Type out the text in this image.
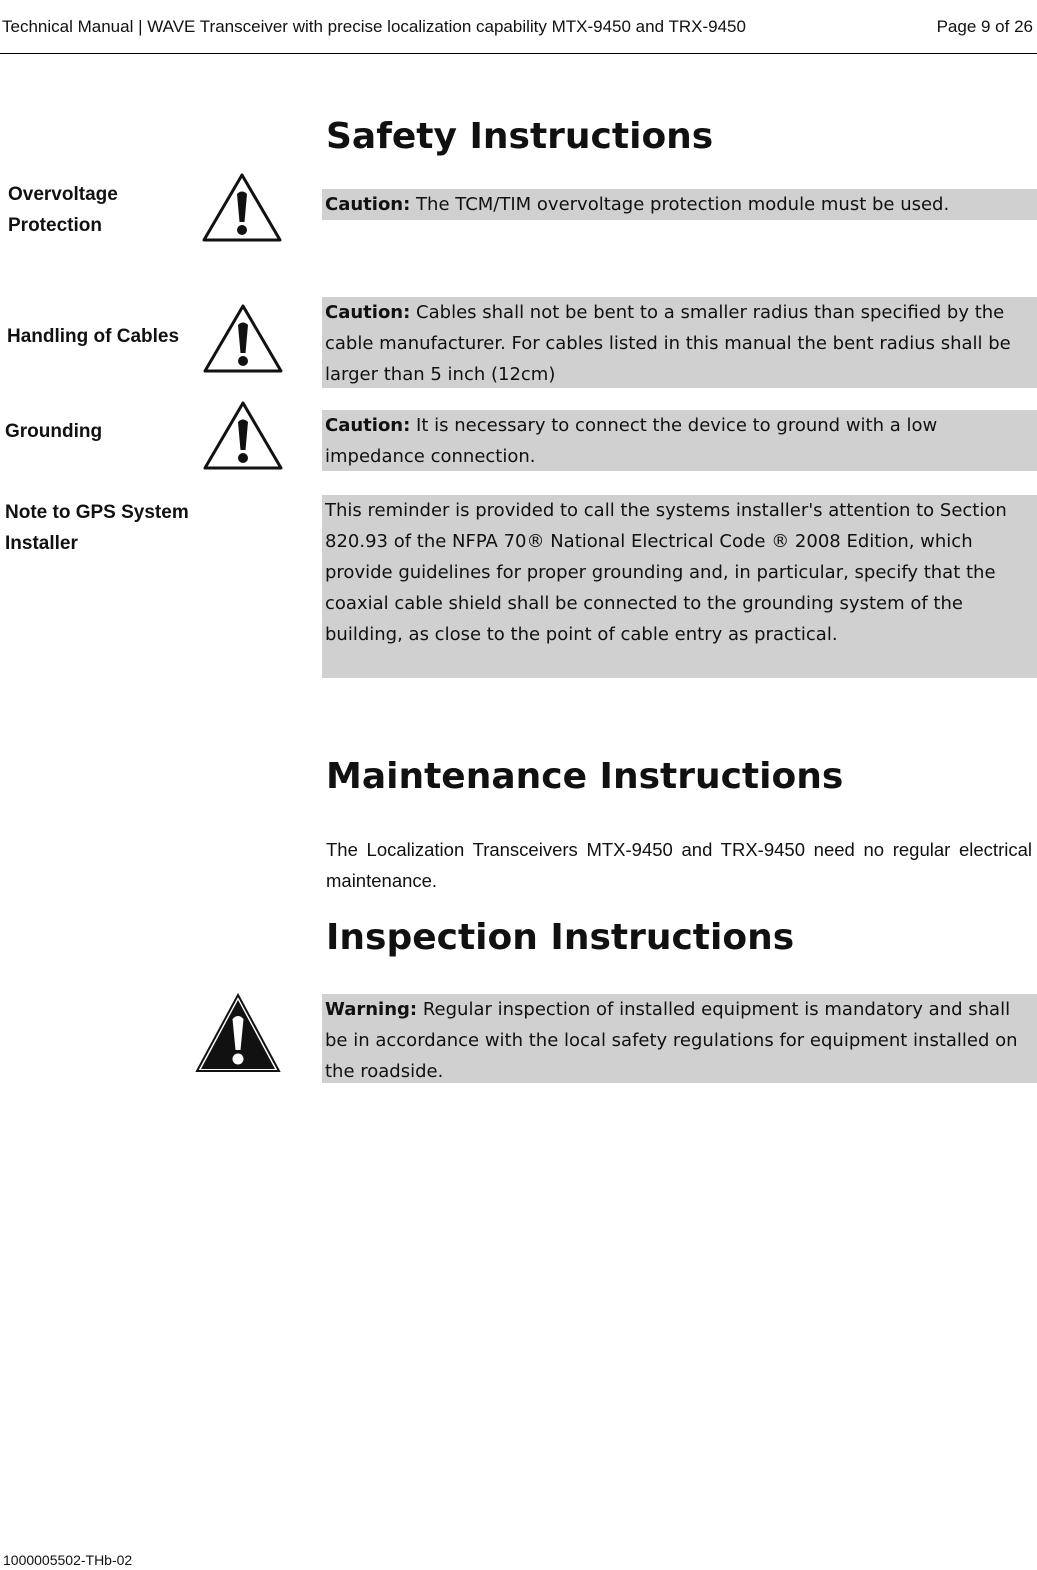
Technical Manual | WAVE Transceiver with precise localization capability MTX-9450 and TRX-9450	Page 9 of 26
Safety Instructions
Overvoltage
Protection
Caution: The TCM/TIM overvoltage protection module must be used.
Handling of Cables
Caution: Cables shall not be bent to a smaller radius than specified by the cable manufacturer. For cables listed in this manual the bent radius shall be larger than 5 inch (12cm)
Grounding	Caution: It is necessary to connect the device to ground with a low impedance connection.
Note to GPS System
Installer
This reminder is provided to call the systems installer's attention to Section 820.93 of the NFPA 70® National Electrical Code ® 2008 Edition, which provide guidelines for proper grounding and, in particular, specify that the coaxial cable shield shall be connected to the grounding system of the building, as close to the point of cable entry as practical.
Maintenance Instructions
The Localization Transceivers MTX-9450 and TRX-9450 need no regular electrical maintenance.
Inspection Instructions
Warning: Regular inspection of installed equipment is mandatory and shall be in accordance with the local safety regulations for equipment installed on the roadside.
1000005502-THb-02
